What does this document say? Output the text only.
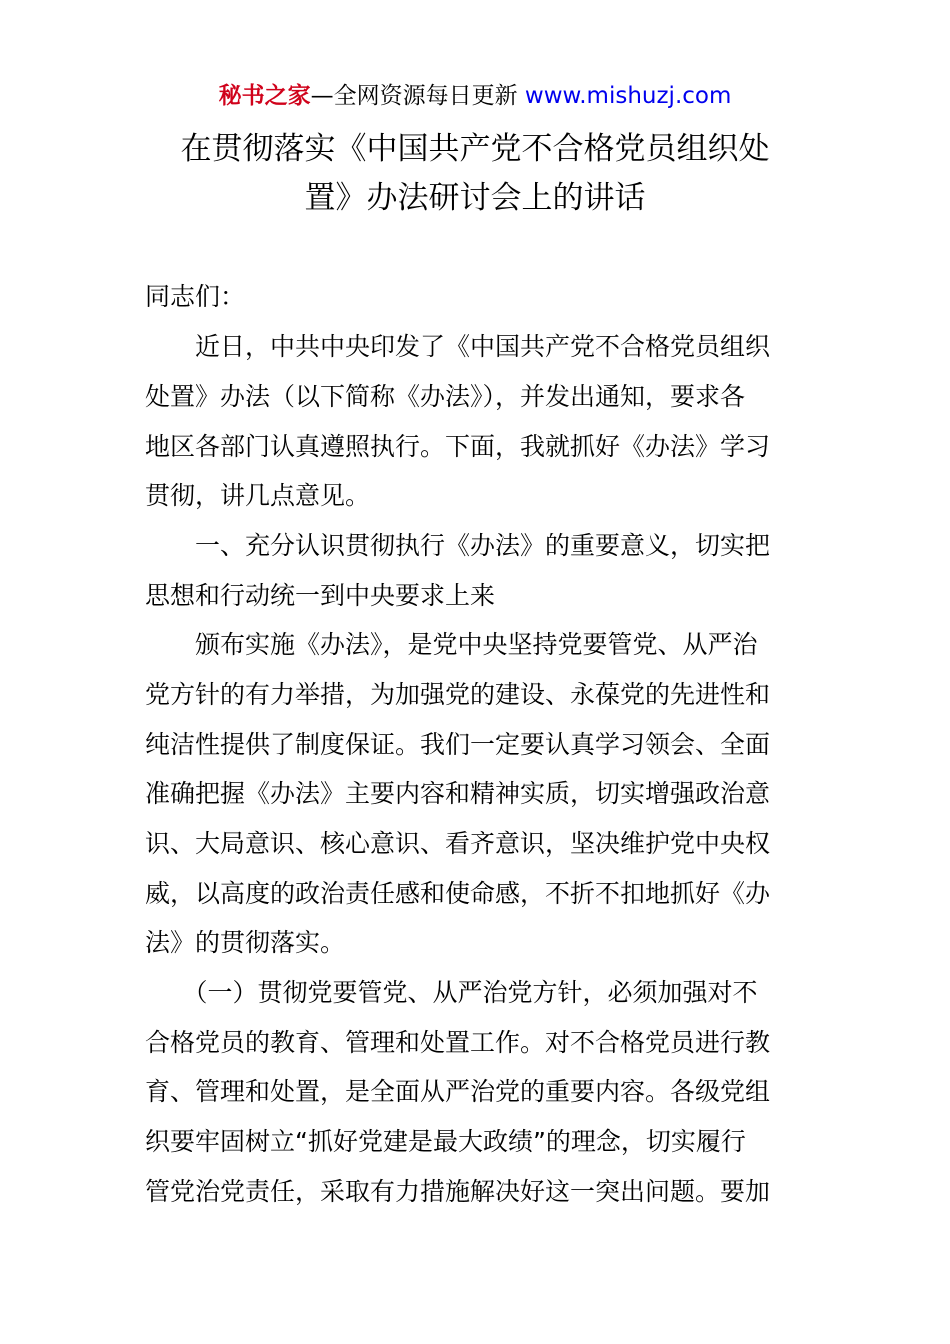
秘书之家—全网资源每日更新 www.mishuzj.com
在贯彻落实《中国共产党不合格党员组织处
置》办法研讨会上的讲话
同志们：
　　近日，中共中央印发了《中国共产党不合格党员组织
处置》办法（以下简称《办法》），并发出通知，要求各
地区各部门认真遵照执行。下面，我就抓好《办法》学习
贯彻，讲几点意见。
　　一、充分认识贯彻执行《办法》的重要意义，切实把
思想和行动统一到中央要求上来
　　颁布实施《办法》，是党中央坚持党要管党、从严治
党方针的有力举措，为加强党的建设、永葆党的先进性和
纯洁性提供了制度保证。我们一定要认真学习领会、全面
准确把握《办法》主要内容和精神实质，切实增强政治意
识、大局意识、核心意识、看齐意识，坚决维护党中央权
威，以高度的政治责任感和使命感，不折不扣地抓好《办
法》的贯彻落实。
　　（一）贯彻党要管党、从严治党方针，必须加强对不
合格党员的教育、管理和处置工作。对不合格党员进行教
育、管理和处置，是全面从严治党的重要内容。各级党组
织要牢固树立“抓好党建是最大政绩”的理念，切实履行
管党治党责任，采取有力措施解决好这一突出问题。要加
